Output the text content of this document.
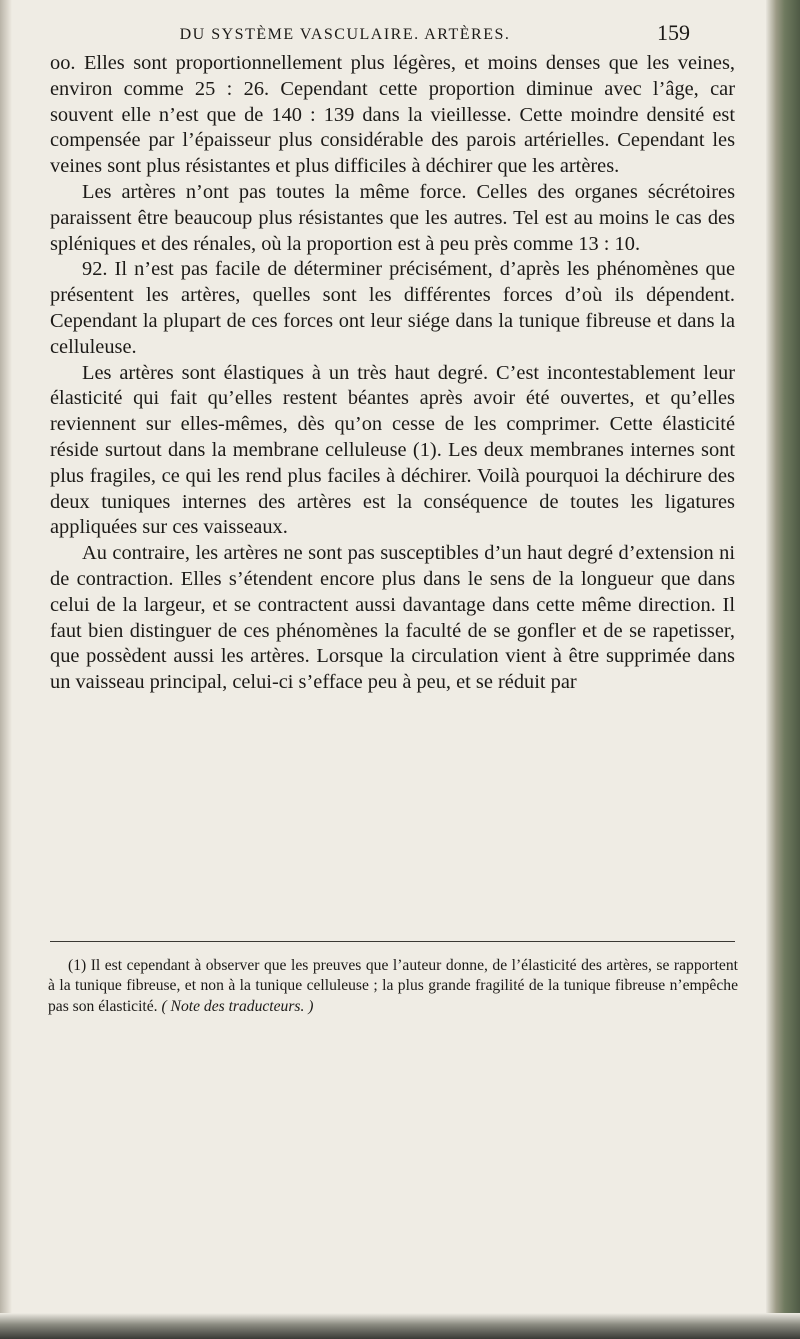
DU SYSTÈME VASCULAIRE. ARTÈRES.	159

oo. Elles sont proportionnellement plus légères, et moins denses que les veines, environ comme 25 : 26. Cependant cette proportion diminue avec l’âge, car souvent elle n’est que de 140 : 139 dans la vieillesse. Cette moindre densité est compensée par l’épaisseur plus considérable des parois artérielles. Cependant les veines sont plus résistantes et plus difficiles à déchirer que les artères.

Les artères n’ont pas toutes la même force. Celles des organes sécrétoires paraissent être beaucoup plus résistantes que les autres. Tel est au moins le cas des spléniques et des rénales, où la proportion est à peu près comme 13 : 10.

92. Il n’est pas facile de déterminer précisément, d’après les phénomènes que présentent les artères, quelles sont les différentes forces d’où ils dépendent. Cependant la plupart de ces forces ont leur siége dans la tunique fibreuse et dans la celluleuse.

Les artères sont élastiques à un très haut degré. C’est incontestablement leur élasticité qui fait qu’elles restent béantes après avoir été ouvertes, et qu’elles reviennent sur elles-mêmes, dès qu’on cesse de les comprimer. Cette élasticité réside surtout dans la membrane celluleuse (1). Les deux membranes internes sont plus fragiles, ce qui les rend plus faciles à déchirer. Voilà pourquoi la déchirure des deux tuniques internes des artères est la conséquence de toutes les ligatures appliquées sur ces vaisseaux.

Au contraire, les artères ne sont pas susceptibles d’un haut degré d’extension ni de contraction. Elles s’étendent encore plus dans le sens de la longueur que dans celui de la largeur, et se contractent aussi davantage dans cette même direction. Il faut bien distinguer de ces phénomènes la faculté de se gonfler et de se rapetisser, que possèdent aussi les artères. Lorsque la circulation vient à être supprimée dans un vaisseau principal, celui-ci s’efface peu à peu, et se réduit par

(1) Il est cependant à observer que les preuves que l’auteur donne, de l’élasticité des artères, se rapportent à la tunique fibreuse, et non à la tunique celluleuse ; la plus grande fragilité de la tunique fibreuse n’empêche pas son élasticité. ( Note des traducteurs. )
